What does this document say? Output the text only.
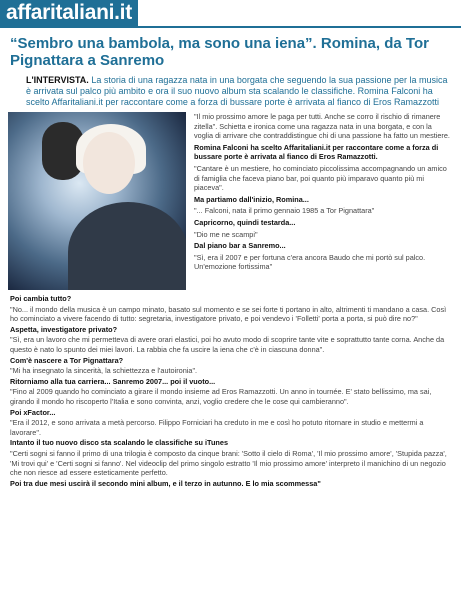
affaritaliani.it
“Sembro una bambola, ma sono una iena”. Romina, da Tor Pignattara a Sanremo
L'INTERVISTA. La storia di una ragazza nata in una borgata che seguendo la sua passione per la musica è arrivata sul palco più ambito e ora il suo nuovo album sta scalando le classifiche. Romina Falconi ha scelto Affaritaliani.it per raccontare come a forza di bussare porte è arrivata al fianco di Eros Ramazzotti

"Il mio prossimo amore le paga per tutti. Anche se corro il rischio di rimanere zitella". Schietta e ironica come una ragazza nata in una borgata, e con la voglia di arrivare che contraddistingue chi di una passione ha fatto un mestiere.

Romina Falconi ha scelto Affaritaliani.it per raccontare come a forza di bussare porte è arrivata al fianco di Eros Ramazzotti.

"Cantare è un mestiere, ho cominciato piccolissima accompagnando un amico di famiglia che faceva piano bar, poi quanto più imparavo quanto più mi piaceva".

Ma partiamo dall'inizio, Romina...

"... Falconi, nata il primo gennaio 1985 a Tor Pignattara"

Capricorno, quindi testarda...

"Dio me ne scampi"

Dal piano bar a Sanremo...

"Sì, era il 2007 e per fortuna c'era ancora Baudo che mi portò sul palco. Un'emozione fortissima"

Poi cambia tutto?

"No... il mondo della musica è un campo minato, basato sul momento e se sei forte ti portano in alto, altrimenti ti mandano a casa. Così ho cominciato a vivere facendo di tutto: segretaria, investigatore privato, e poi vendevo i 'Folletti' porta a porta, si può dire no?"

Aspetta, investigatore privato?

"Sì, era un lavoro che mi permetteva di avere orari elastici, poi ho avuto modo di scoprire tante vite e soprattutto tante corna. Anche da questo è nato lo spunto dei miei lavori. La rabbia che fa uscire la iena che c'è in ciascuna donna".

Com'è nascere a Tor Pignattara?

"Mi ha insegnato la sincerità, la schiettezza e l'autoironia".

Ritorniamo alla tua carriera... Sanremo 2007... poi il vuoto...

"Fino al 2009 quando ho cominciato a girare il mondo insieme ad Eros Ramazzotti. Un anno in tournée. E' stato bellissimo, ma sai, girando il mondo ho riscoperto l'Italia e sono convinta, anzi, voglio credere che le cose qui cambieranno".

Poi xFactor...

"Era il 2012, e sono arrivata a metà percorso. Filippo Forniciari ha creduto in me e così ho potuto ritornare in studio e mettermi a lavorare".

Intanto il tuo nuovo disco sta scalando le classifiche su iTunes

"Certi sogni si fanno il primo di una trilogia è composto da cinque brani: 'Sotto il cielo di Roma', 'Il mio prossimo amore', 'Stupida pazza', 'Mi trovi qui' e 'Certi sogni si fanno'. Nel videoclip del primo singolo estratto 'Il mio prossimo amore' interpreto il manichino di un negozio che non riesce ad essere esteticamente perfetto.

Poi tra due mesi uscirà il secondo mini album, e il terzo in autunno. E lo mia scommessa"
